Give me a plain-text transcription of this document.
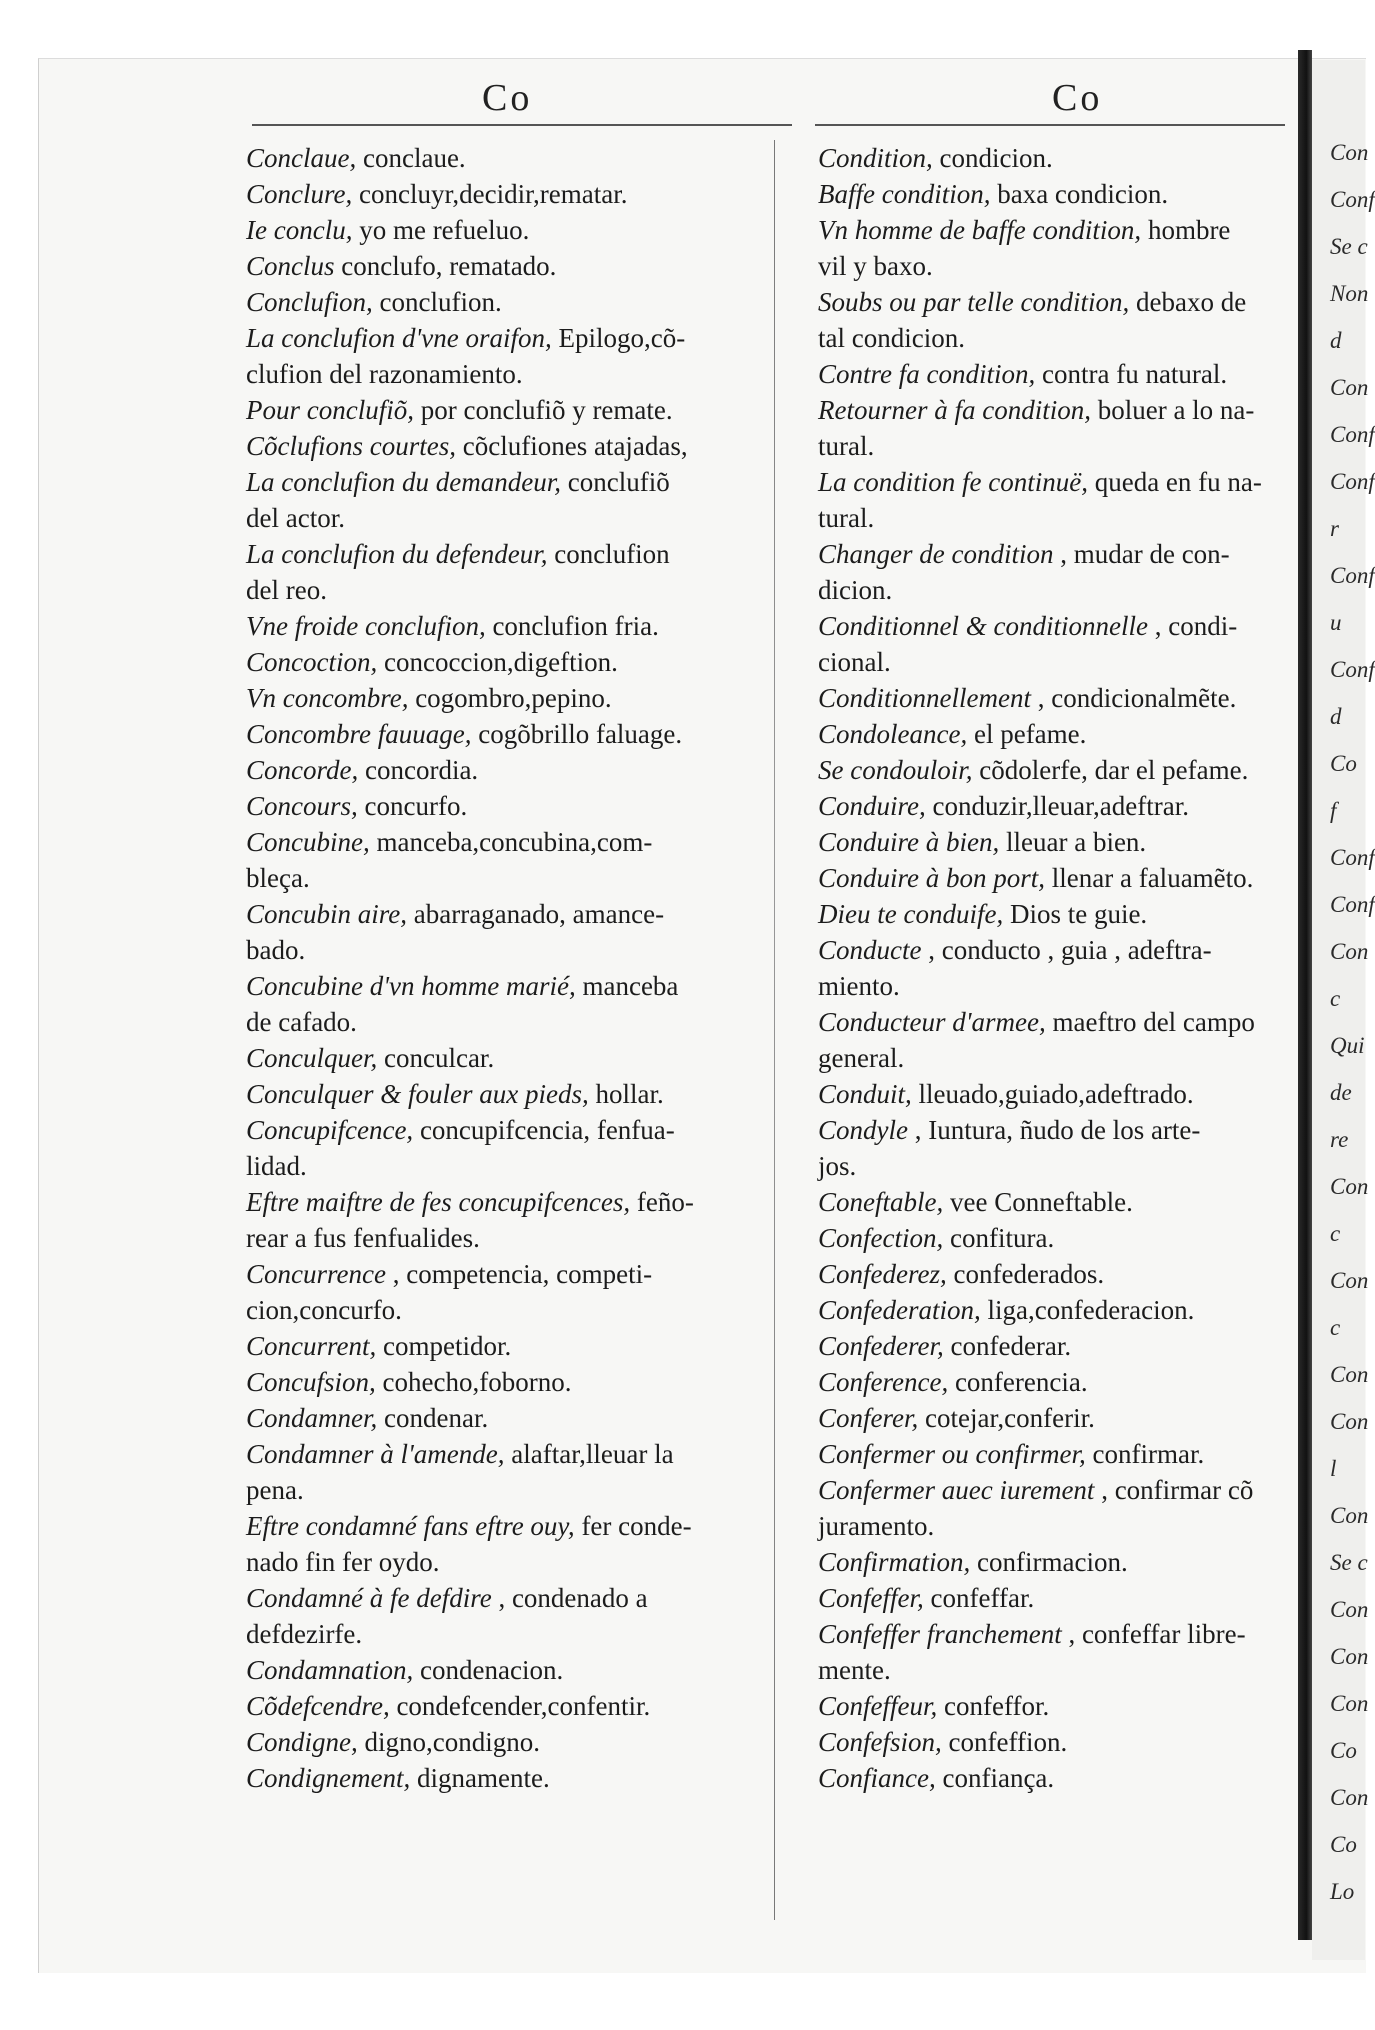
Co	Co
Conclaue, conclaue.
Conclure, concluyr,decidir,rematar.
Ie conclu, yo me refueluo.
Conclus conclufo, rematado.
Conclufion, conclufion.
La conclufion d'vne oraifon, Epilogo,cõ-
clufion del razonamiento.
Pour conclufiõ, por conclufiõ y remate.
Cõclufions courtes, cõclufiones atajadas,
La conclufion du demandeur, conclufiõ
del actor.
La conclufion du defendeur, conclufion
del reo.
Vne froide conclufion, conclufion fria.
Concoction, concoccion,digeftion.
Vn concombre, cogombro,pepino.
Concombre fauuage, cogõbrillo faluage.
Concorde, concordia.
Concours, concurfo.
Concubine, manceba,concubina,com-
bleça.
Concubin aire, abarraganado, amance-
bado.
Concubine d'vn homme marié, manceba
de cafado.
Conculquer, conculcar.
Conculquer & fouler aux pieds, hollar.
Concupifcence, concupifcencia, fenfua-
lidad.
Eftre maiftre de fes concupifcences, feño-
rear a fus fenfualides.
Concurrence , competencia, competi-
cion,concurfo.
Concurrent, competidor.
Concufsion, cohecho,foborno.
Condamner, condenar.
Condamner à l'amende, alaftar,lleuar la
pena.
Eftre condamné fans eftre ouy, fer conde-
nado fin fer oydo.
Condamné à fe defdire , condenado a
defdezirfe.
Condamnation, condenacion.
Cõdefcendre, condefcender,confentir.
Condigne, digno,condigno.
Condignement, dignamente.
Condition, condicion.
Baffe condition, baxa condicion.
Vn homme de baffe condition, hombre
vil y baxo.
Soubs ou par telle condition, debaxo de
tal condicion.
Contre fa condition, contra fu natural.
Retourner à fa condition, boluer a lo na-
tural.
La condition fe continuë, queda en fu na-
tural.
Changer de condition , mudar de con-
dicion.
Conditionnel & conditionnelle , condi-
cional.
Conditionnellement , condicionalmẽte.
Condoleance, el pefame.
Se condouloir, cõdolerfe, dar el pefame.
Conduire, conduzir,lleuar,adeftrar.
Conduire à bien, lleuar a bien.
Conduire à bon port, llenar a faluamẽto.
Dieu te conduife, Dios te guie.
Conducte , conducto , guia , adeftra-
miento.
Conducteur d'armee, maeftro del campo
general.
Conduit, lleuado,guiado,adeftrado.
Condyle , Iuntura, ñudo de los arte-
jos.
Coneftable, vee Conneftable.
Confection, confitura.
Confederez, confederados.
Confederation, liga,confederacion.
Confederer, confederar.
Conference, conferencia.
Conferer, cotejar,conferir.
Confermer ou confirmer, confirmar.
Confermer auec iurement , confirmar cõ
juramento.
Confirmation, confirmacion.
Confeffer, confeffar.
Confeffer franchement , confeffar libre-
mente.
Confeffeur, confeffor.
Confefsion, confeffion.
Confiance, confiança.
Con
Conf
Se c
Non
d
Con
Conf
Conf
r
Conf
u
Conf
d
Co
f
Conf
Conf
Con
c
Qui
de
re
Con
c
Con
c
Con
Con
l
Con
Se c
Con
Con
Con
Co
Con
Co
Lo
